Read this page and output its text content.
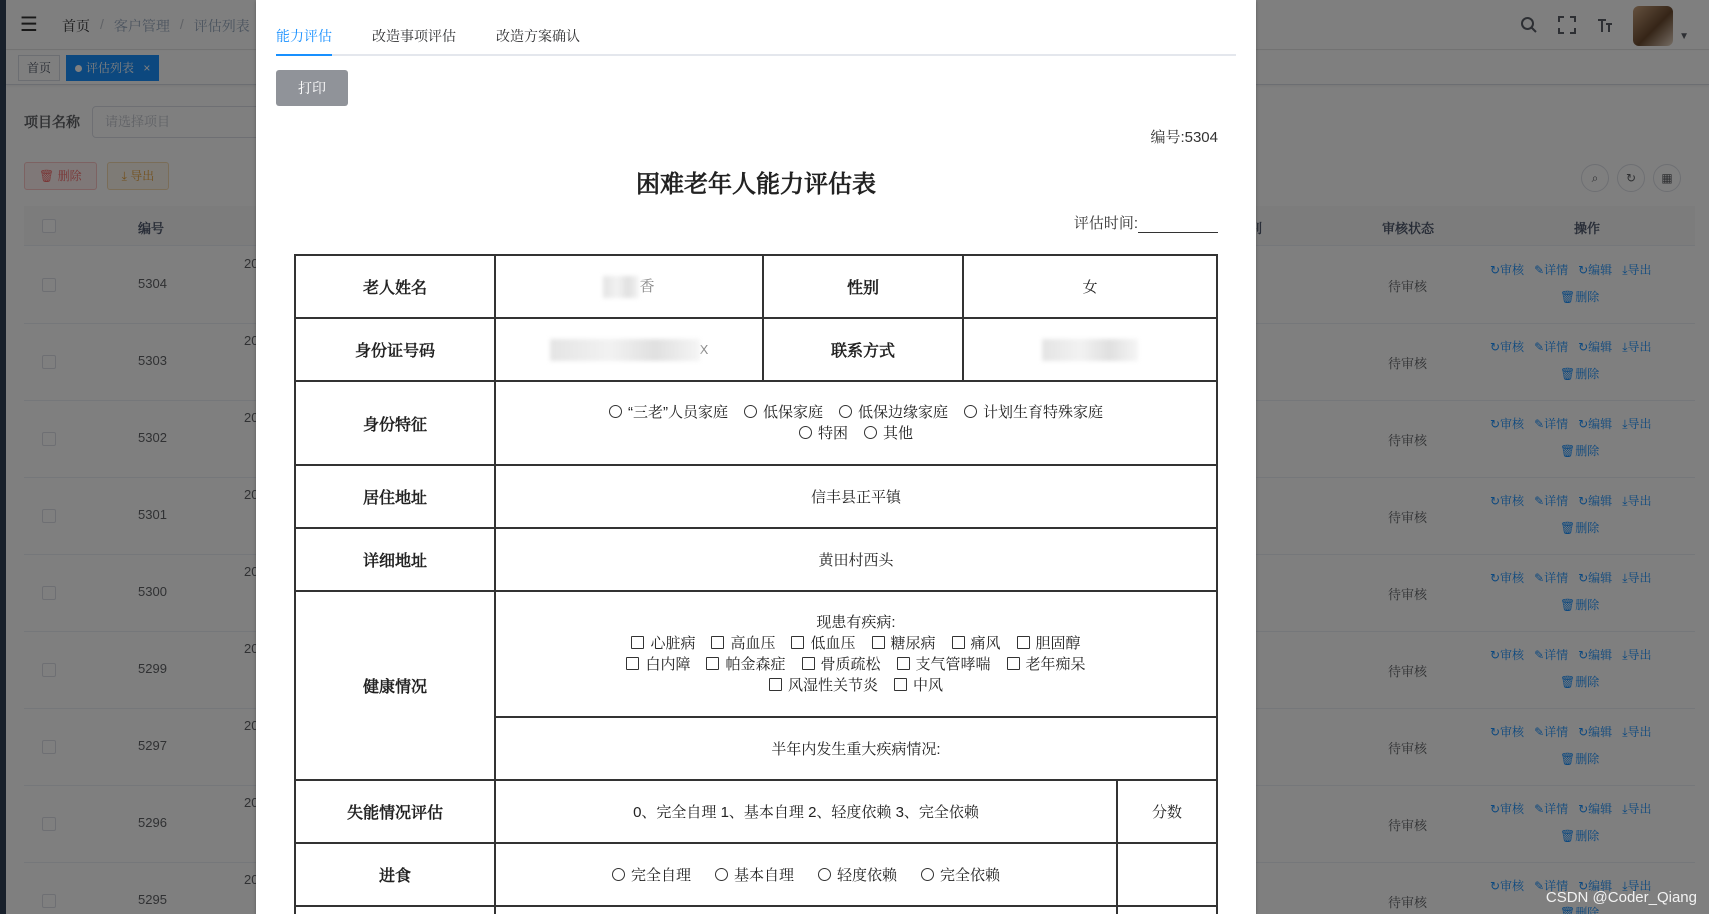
能力评估	改造事项评估	改造方案确认
打印
编号:5304
困难老年人能力评估表
评估时间:
老人姓名	香	性别	女	
身份证号码	X	联系方式		
身份特征	“三老”人员家庭 低保家庭 低保边缘家庭 计划生育特殊家庭
特困 其他			

居住地址	信丰县正平镇			
详细地址	黄田村西头			
健康情况	现患有疾病:
心脏病 高血压 低血压 糖尿病 痛风 胆固醇
白内障 帕金森症 骨质疏松 支气管哮喘 老年痴呆
风湿性关节炎 中风			

	半年内发生重大疾病情况:			
失能情况评估	0、完全自理 1、基本自理 2、轻度依赖 3、完全依赖			分数
进食	完全自理 基本自理 轻度依赖 完全依赖			

CSDN @Coder_Qiang
